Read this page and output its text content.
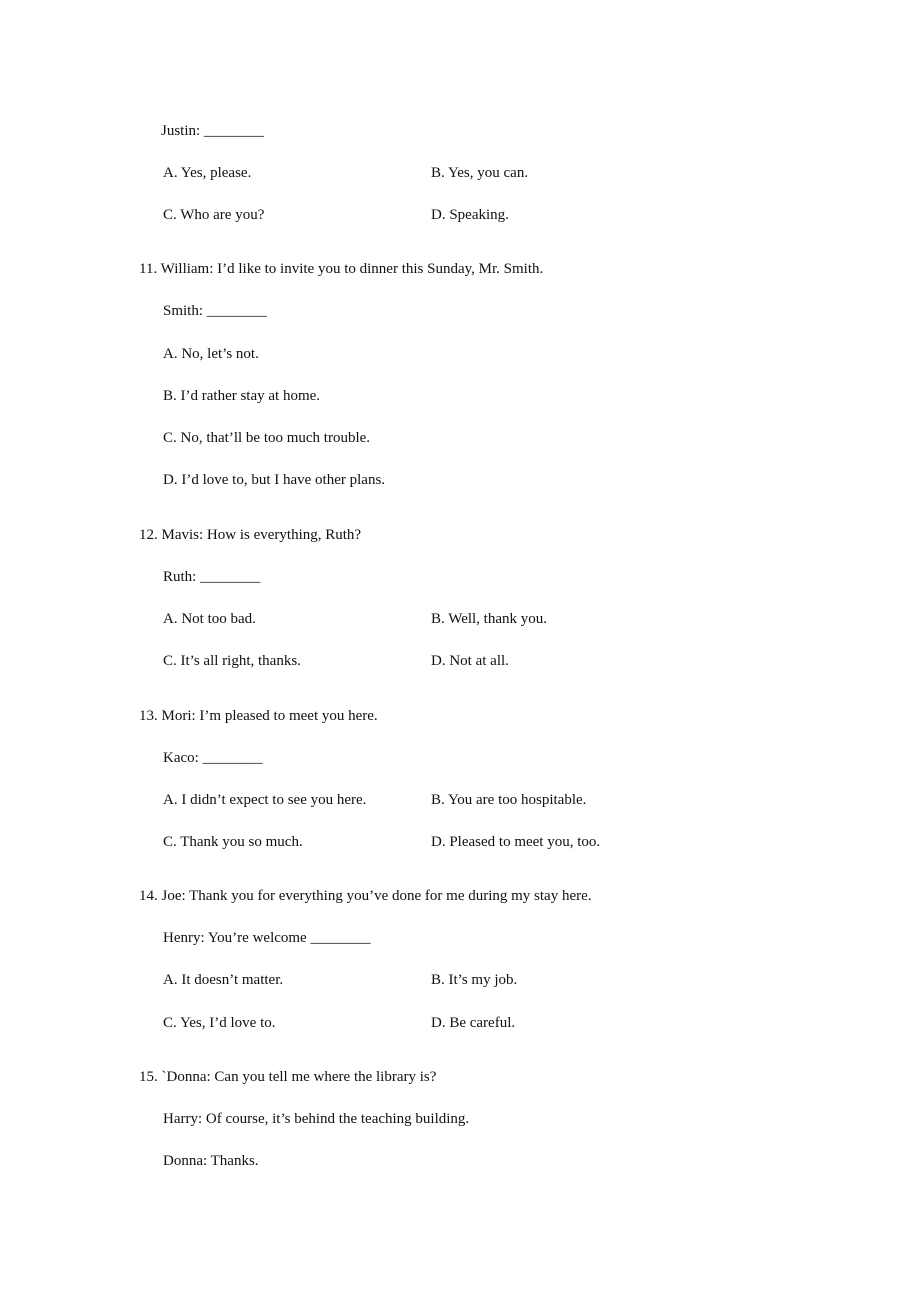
Justin: ________
A. Yes, please.	B. Yes, you can.
C. Who are you?	D. Speaking.
11. William: I’d like to invite you to dinner this Sunday, Mr. Smith.
Smith: ________
A. No, let’s not.
B. I’d rather stay at home.
C. No, that’ll be too much trouble.
D. I’d love to, but I have other plans.
12. Mavis: How is everything, Ruth?
Ruth: ________
A. Not too bad.	B. Well, thank you.
C. It’s all right, thanks.	D. Not at all.
13. Mori: I’m pleased to meet you here.
Kaco: ________
A. I didn’t expect to see you here.	B. You are too hospitable.
C. Thank you so much.	D. Pleased to meet you, too.
14. Joe: Thank you for everything you’ve done for me during my stay here.
Henry: You’re welcome ________
A. It doesn’t matter.	B. It’s my job.
C. Yes, I’d love to.	D. Be careful.
15. `Donna: Can you tell me where the library is?
Harry: Of course, it’s behind the teaching building.
Donna: Thanks.
